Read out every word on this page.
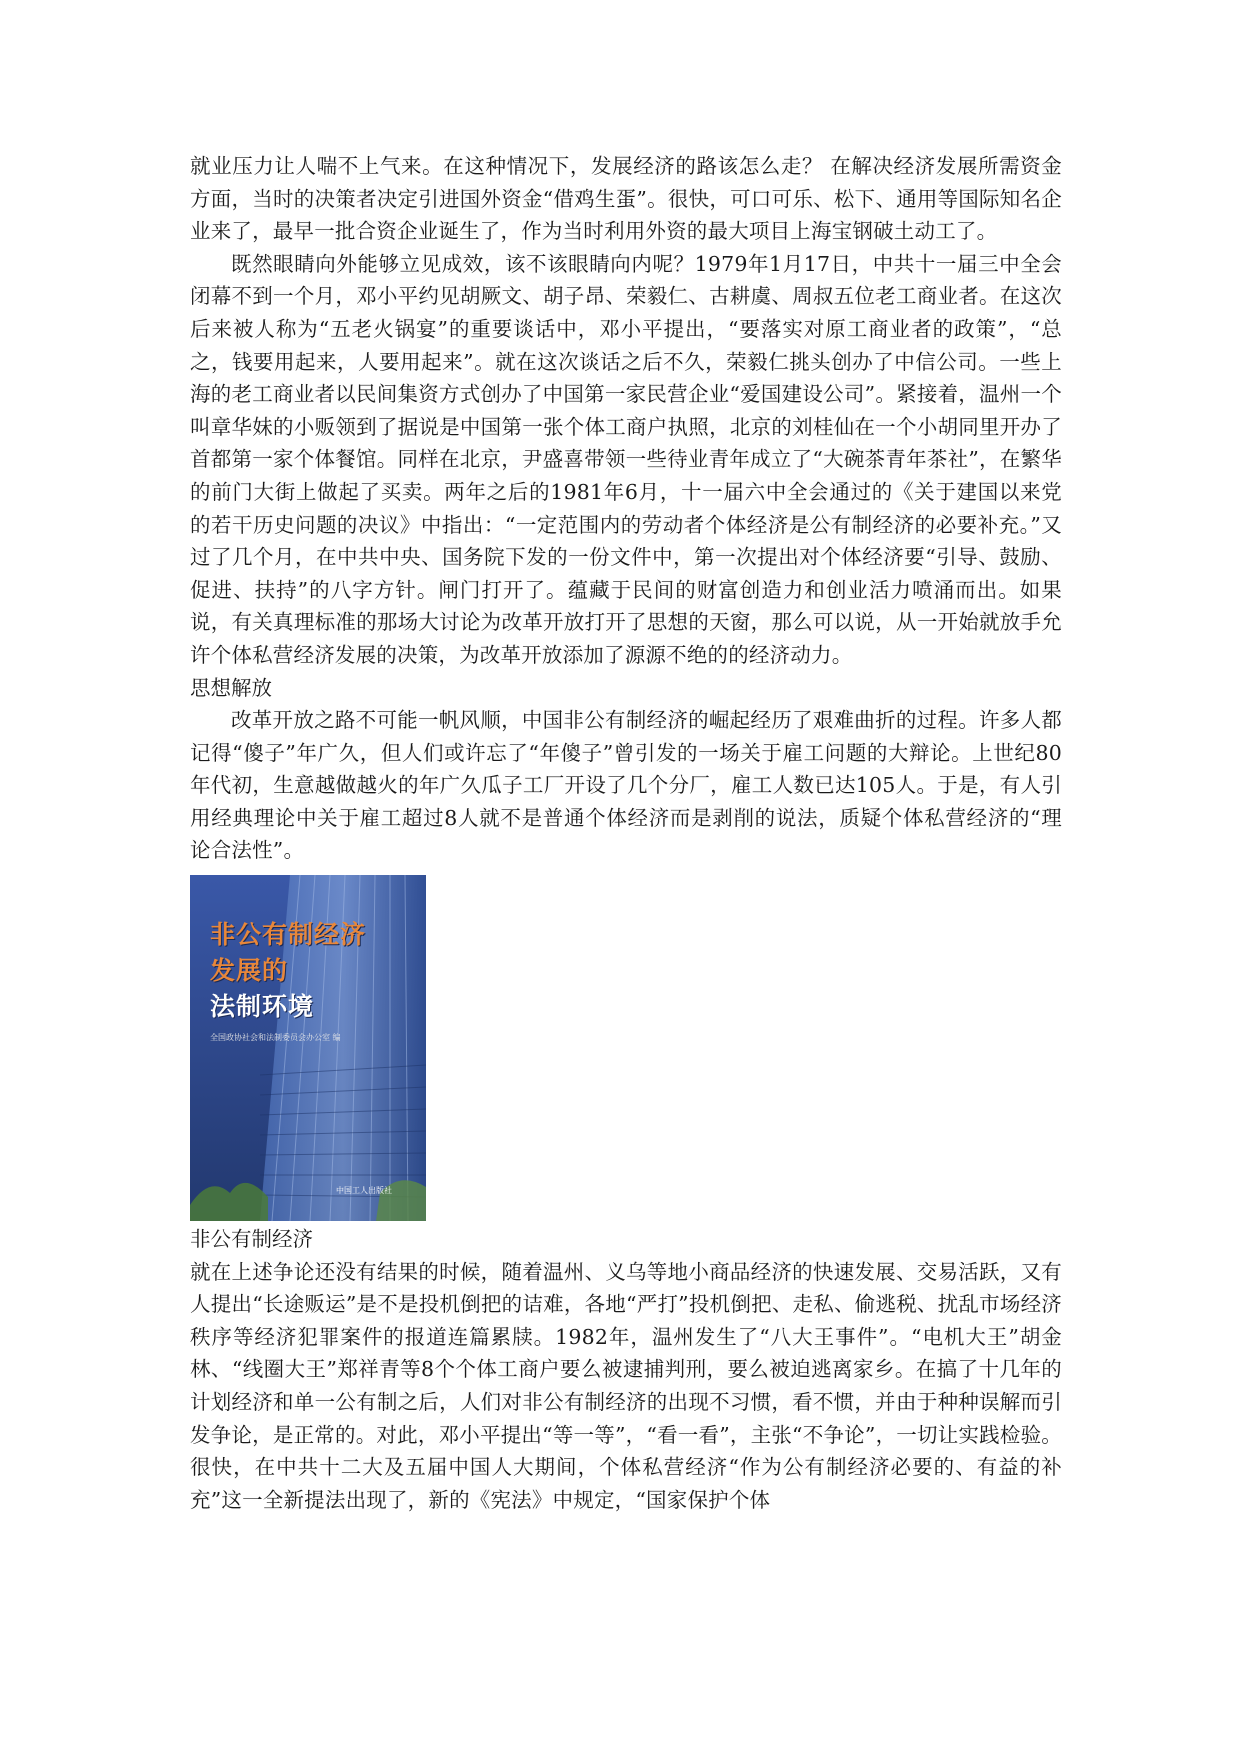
就业压力让人喘不上气来。在这种情况下，发展经济的路该怎么走？ 在解决经济发展所需资金方面，当时的决策者决定引进国外资金“借鸡生蛋”。很快，可口可乐、松下、通用等国际知名企业来了，最早一批合资企业诞生了，作为当时利用外资的最大项目上海宝钢破土动工了。

既然眼睛向外能够立见成效，该不该眼睛向内呢？1979年1月17日，中共十一届三中全会闭幕不到一个月，邓小平约见胡厥文、胡子昂、荣毅仁、古耕虞、周叔五位老工商业者。在这次后来被人称为“五老火锅宴”的重要谈话中，邓小平提出，“要落实对原工商业者的政策”，“总之，钱要用起来，人要用起来”。就在这次谈话之后不久，荣毅仁挑头创办了中信公司。一些上海的老工商业者以民间集资方式创办了中国第一家民营企业“爱国建设公司”。紧接着，温州一个叫章华妹的小贩领到了据说是中国第一张个体工商户执照，北京的刘桂仙在一个小胡同里开办了首都第一家个体餐馆。同样在北京，尹盛喜带领一些待业青年成立了“大碗茶青年茶社”，在繁华的前门大街上做起了买卖。两年之后的1981年6月，十一届六中全会通过的《关于建国以来党的若干历史问题的决议》中指出：“一定范围内的劳动者个体经济是公有制经济的必要补充。”又过了几个月，在中共中央、国务院下发的一份文件中，第一次提出对个体经济要“引导、鼓励、促进、扶持”的八字方针。闸门打开了。蕴藏于民间的财富创造力和创业活力喷涌而出。如果说，有关真理标准的那场大讨论为改革开放打开了思想的天窗，那么可以说，从一开始就放手允许个体私营经济发展的决策，为改革开放添加了源源不绝的的经济动力。

思想解放

改革开放之路不可能一帆风顺，中国非公有制经济的崛起经历了艰难曲折的过程。许多人都记得“傻子”年广久，但人们或许忘了“年傻子”曾引发的一场关于雇工问题的大辩论。上世纪80年代初，生意越做越火的年广久瓜子工厂开设了几个分厂，雇工人数已达105人。于是，有人引用经典理论中关于雇工超过8人就不是普通个体经济而是剥削的说法，质疑个体私营经济的“理论合法性”。

非公有制经济
发展的
法制环境
全国政协社会和法制委员会办公室 编
中国工人出版社

非公有制经济

就在上述争论还没有结果的时候，随着温州、义乌等地小商品经济的快速发展、交易活跃，又有人提出“长途贩运”是不是投机倒把的诘难，各地“严打”投机倒把、走私、偷逃税、扰乱市场经济秩序等经济犯罪案件的报道连篇累牍。1982年，温州发生了“八大王事件”。“电机大王”胡金林、“线圈大王”郑祥青等8个个体工商户要么被逮捕判刑，要么被迫逃离家乡。在搞了十几年的计划经济和单一公有制之后，人们对非公有制经济的出现不习惯，看不惯，并由于种种误解而引发争论，是正常的。对此，邓小平提出“等一等”，“看一看”，主张“不争论”，一切让实践检验。很快，在中共十二大及五届中国人大期间，个体私营经济“作为公有制经济必要的、有益的补充”这一全新提法出现了，新的《宪法》中规定，“国家保护个体
